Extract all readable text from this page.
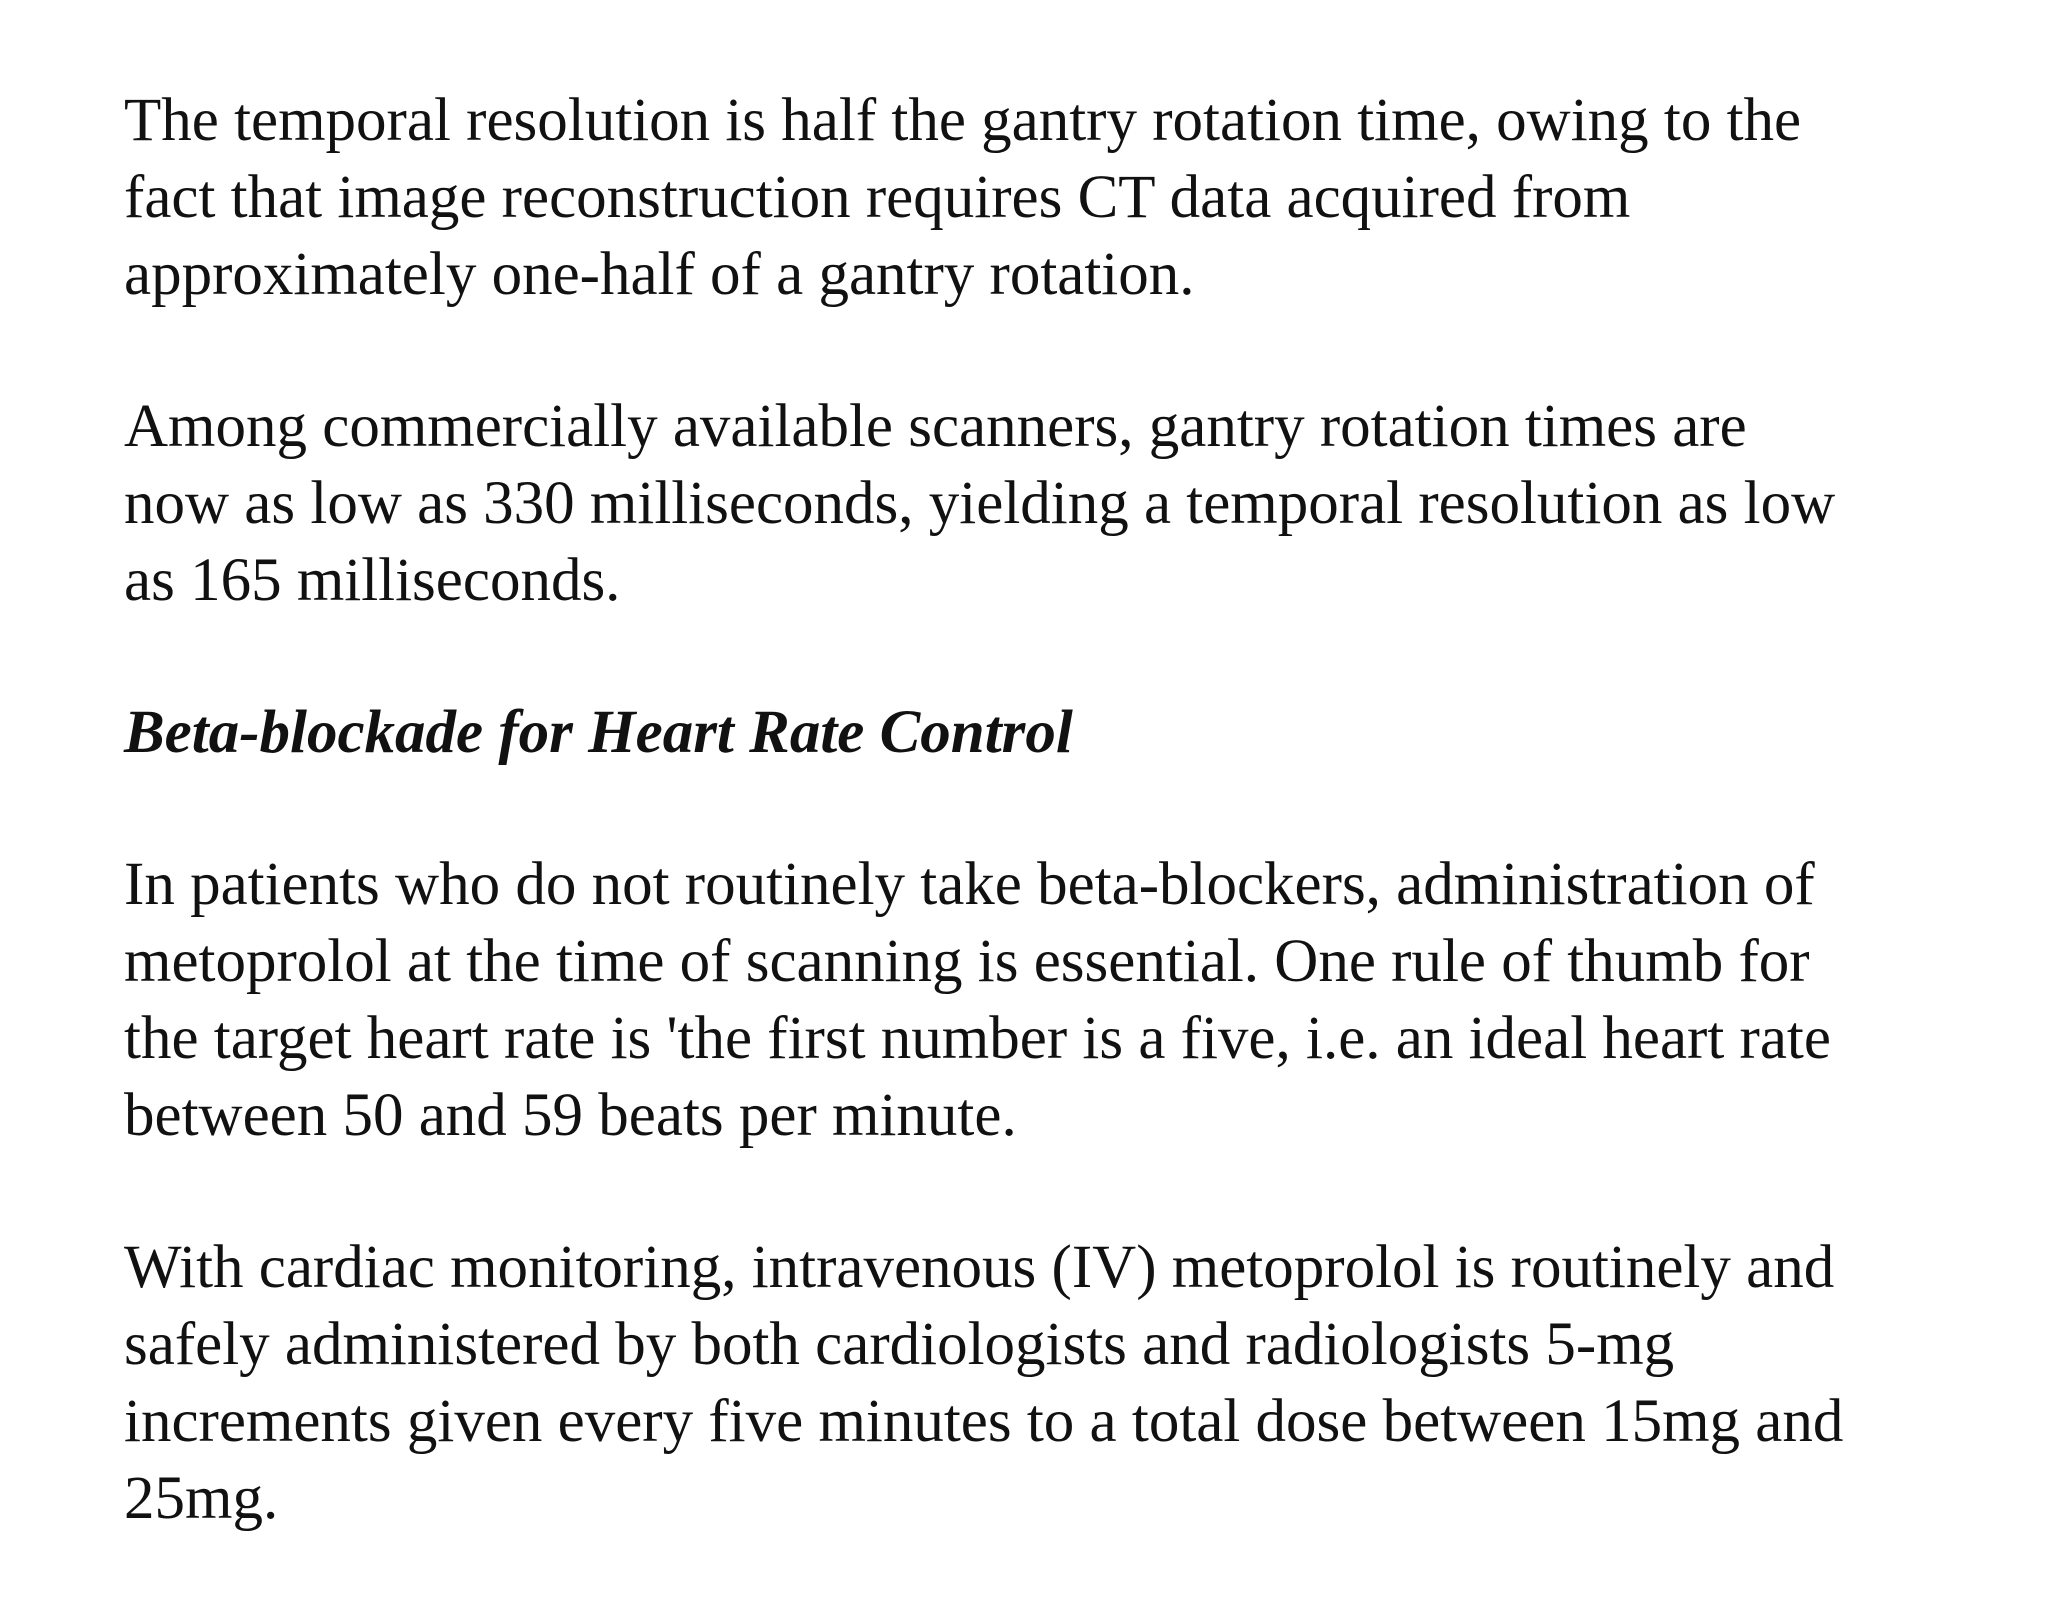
The temporal resolution is half the gantry rotation time, owing to the
fact that image reconstruction requires CT data acquired from
approximately one-half of a gantry rotation.

Among commercially available scanners, gantry rotation times are
now as low as 330 milliseconds, yielding a temporal resolution as low
as 165 milliseconds.

Beta-blockade for Heart Rate Control

In patients who do not routinely take beta-blockers, administration of
metoprolol at the time of scanning is essential. One rule of thumb for
the target heart rate is 'the first number is a five, i.e. an ideal heart rate
between 50 and 59 beats per minute.

With cardiac monitoring, intravenous (IV) metoprolol is routinely and
safely administered by both cardiologists and radiologists 5-mg
increments given every five minutes to a total dose between 15mg and
25mg.
